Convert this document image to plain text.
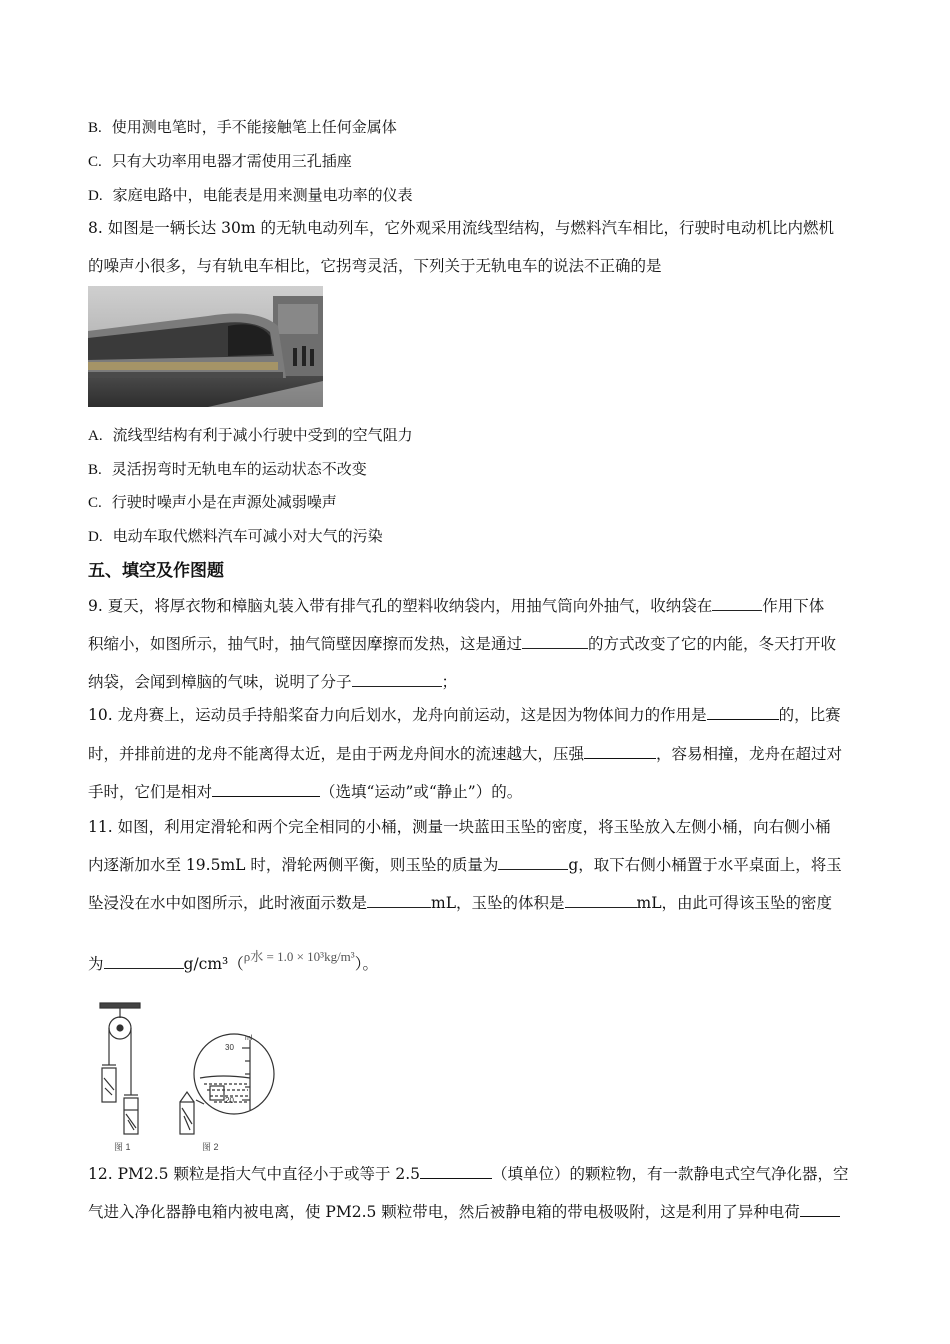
B. 使用测电笔时，手不能接触笔上任何金属体
C. 只有大功率用电器才需使用三孔插座
D. 家庭电路中，电能表是用来测量电功率的仪表
8. 如图是一辆长达 30m 的无轨电动列车，它外观采用流线型结构，与燃料汽车相比，行驶时电动机比内燃机
的噪声小很多，与有轨电车相比，它拐弯灵活，下列关于无轨电车的说法不正确的是
A. 流线型结构有利于减小行驶中受到的空气阻力
B. 灵活拐弯时无轨电车的运动状态不改变
C. 行驶时噪声小是在声源处减弱噪声
D. 电动车取代燃料汽车可减小对大气的污染
五、填空及作图题
9. 夏天，将厚衣物和樟脑丸装入带有排气孔的塑料收纳袋内，用抽气筒向外抽气，收纳袋在	作用下体
积缩小，如图所示，抽气时，抽气筒壁因摩擦而发热，这是通过	的方式改变了它的内能，冬天打开收
纳袋，会闻到樟脑的气味，说明了分子	；
10. 龙舟赛上，运动员手持船桨奋力向后划水，龙舟向前运动，这是因为物体间力的作用是	的，比赛
时，并排前进的龙舟不能离得太近，是由于两龙舟间水的流速越大，压强	，容易相撞，龙舟在超过对
手时，它们是相对	（选填“运动”或“静止”）的。
11. 如图，利用定滑轮和两个完全相同的小桶，测量一块蓝田玉坠的密度，将玉坠放入左侧小桶，向右侧小桶
内逐渐加水至 19.5mL 时，滑轮两侧平衡，则玉坠的质量为	g，取下右侧小桶置于水平桌面上，将玉
坠浸没在水中如图所示，此时液面示数是	mL，玉坠的体积是	mL，由此可得该玉坠的密度
为	g/cm³（$^{\rho 水 = 1.0 \times 10^3kg/m^3}$）。
ml
30
20
图 1	图 2
12. PM2.5 颗粒是指大气中直径小于或等于 2.5	（填单位）的颗粒物，有一款静电式空气净化器，空
气进入净化器静电箱内被电离，使 PM2.5 颗粒带电，然后被静电箱的带电极吸附，这是利用了异种电荷
